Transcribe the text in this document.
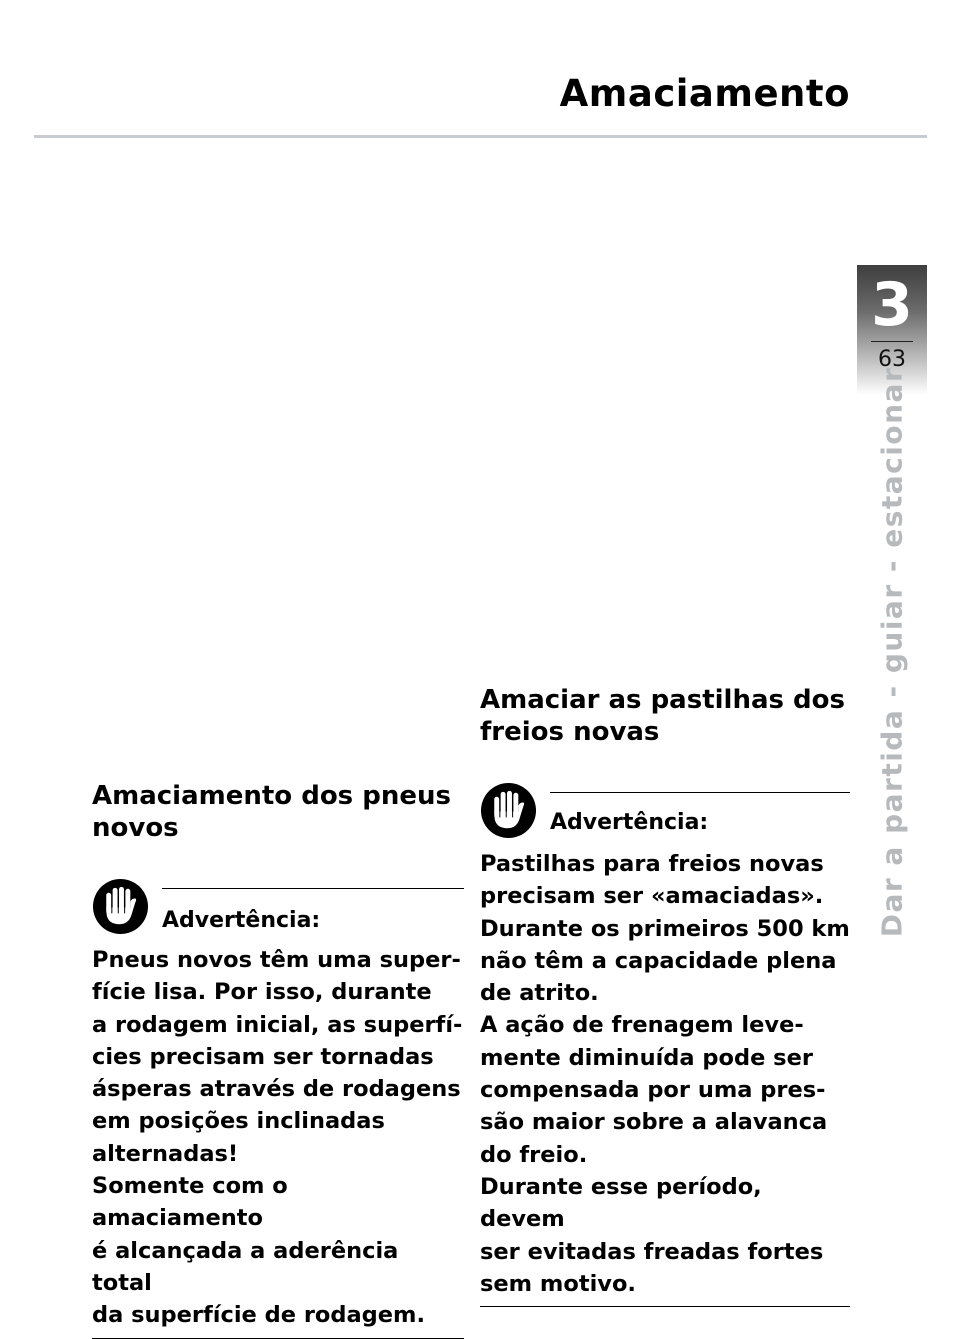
Amaciamento
3
63
Dar a partida - guiar - estacionar
Amaciamento dos pneus
novos
Advertência:

Pneus novos têm uma super-
fície lisa. Por isso, durante
a rodagem inicial, as superfí-
cies precisam ser tornadas
ásperas através de rodagens
em posições inclinadas
alternadas!
Somente com o amaciamento
é alcançada a aderência total
da superfície de rodagem.

Amaciar as pastilhas dos
freios novas
Advertência:

Pastilhas para freios novas
precisam ser «amaciadas».
Durante os primeiros 500 km
não têm a capacidade plena
de atrito.
A ação de frenagem leve-
mente diminuída pode ser
compensada por uma pres-
são maior sobre a alavanca
do freio.
Durante esse período, devem
ser evitadas freadas fortes
sem motivo.
